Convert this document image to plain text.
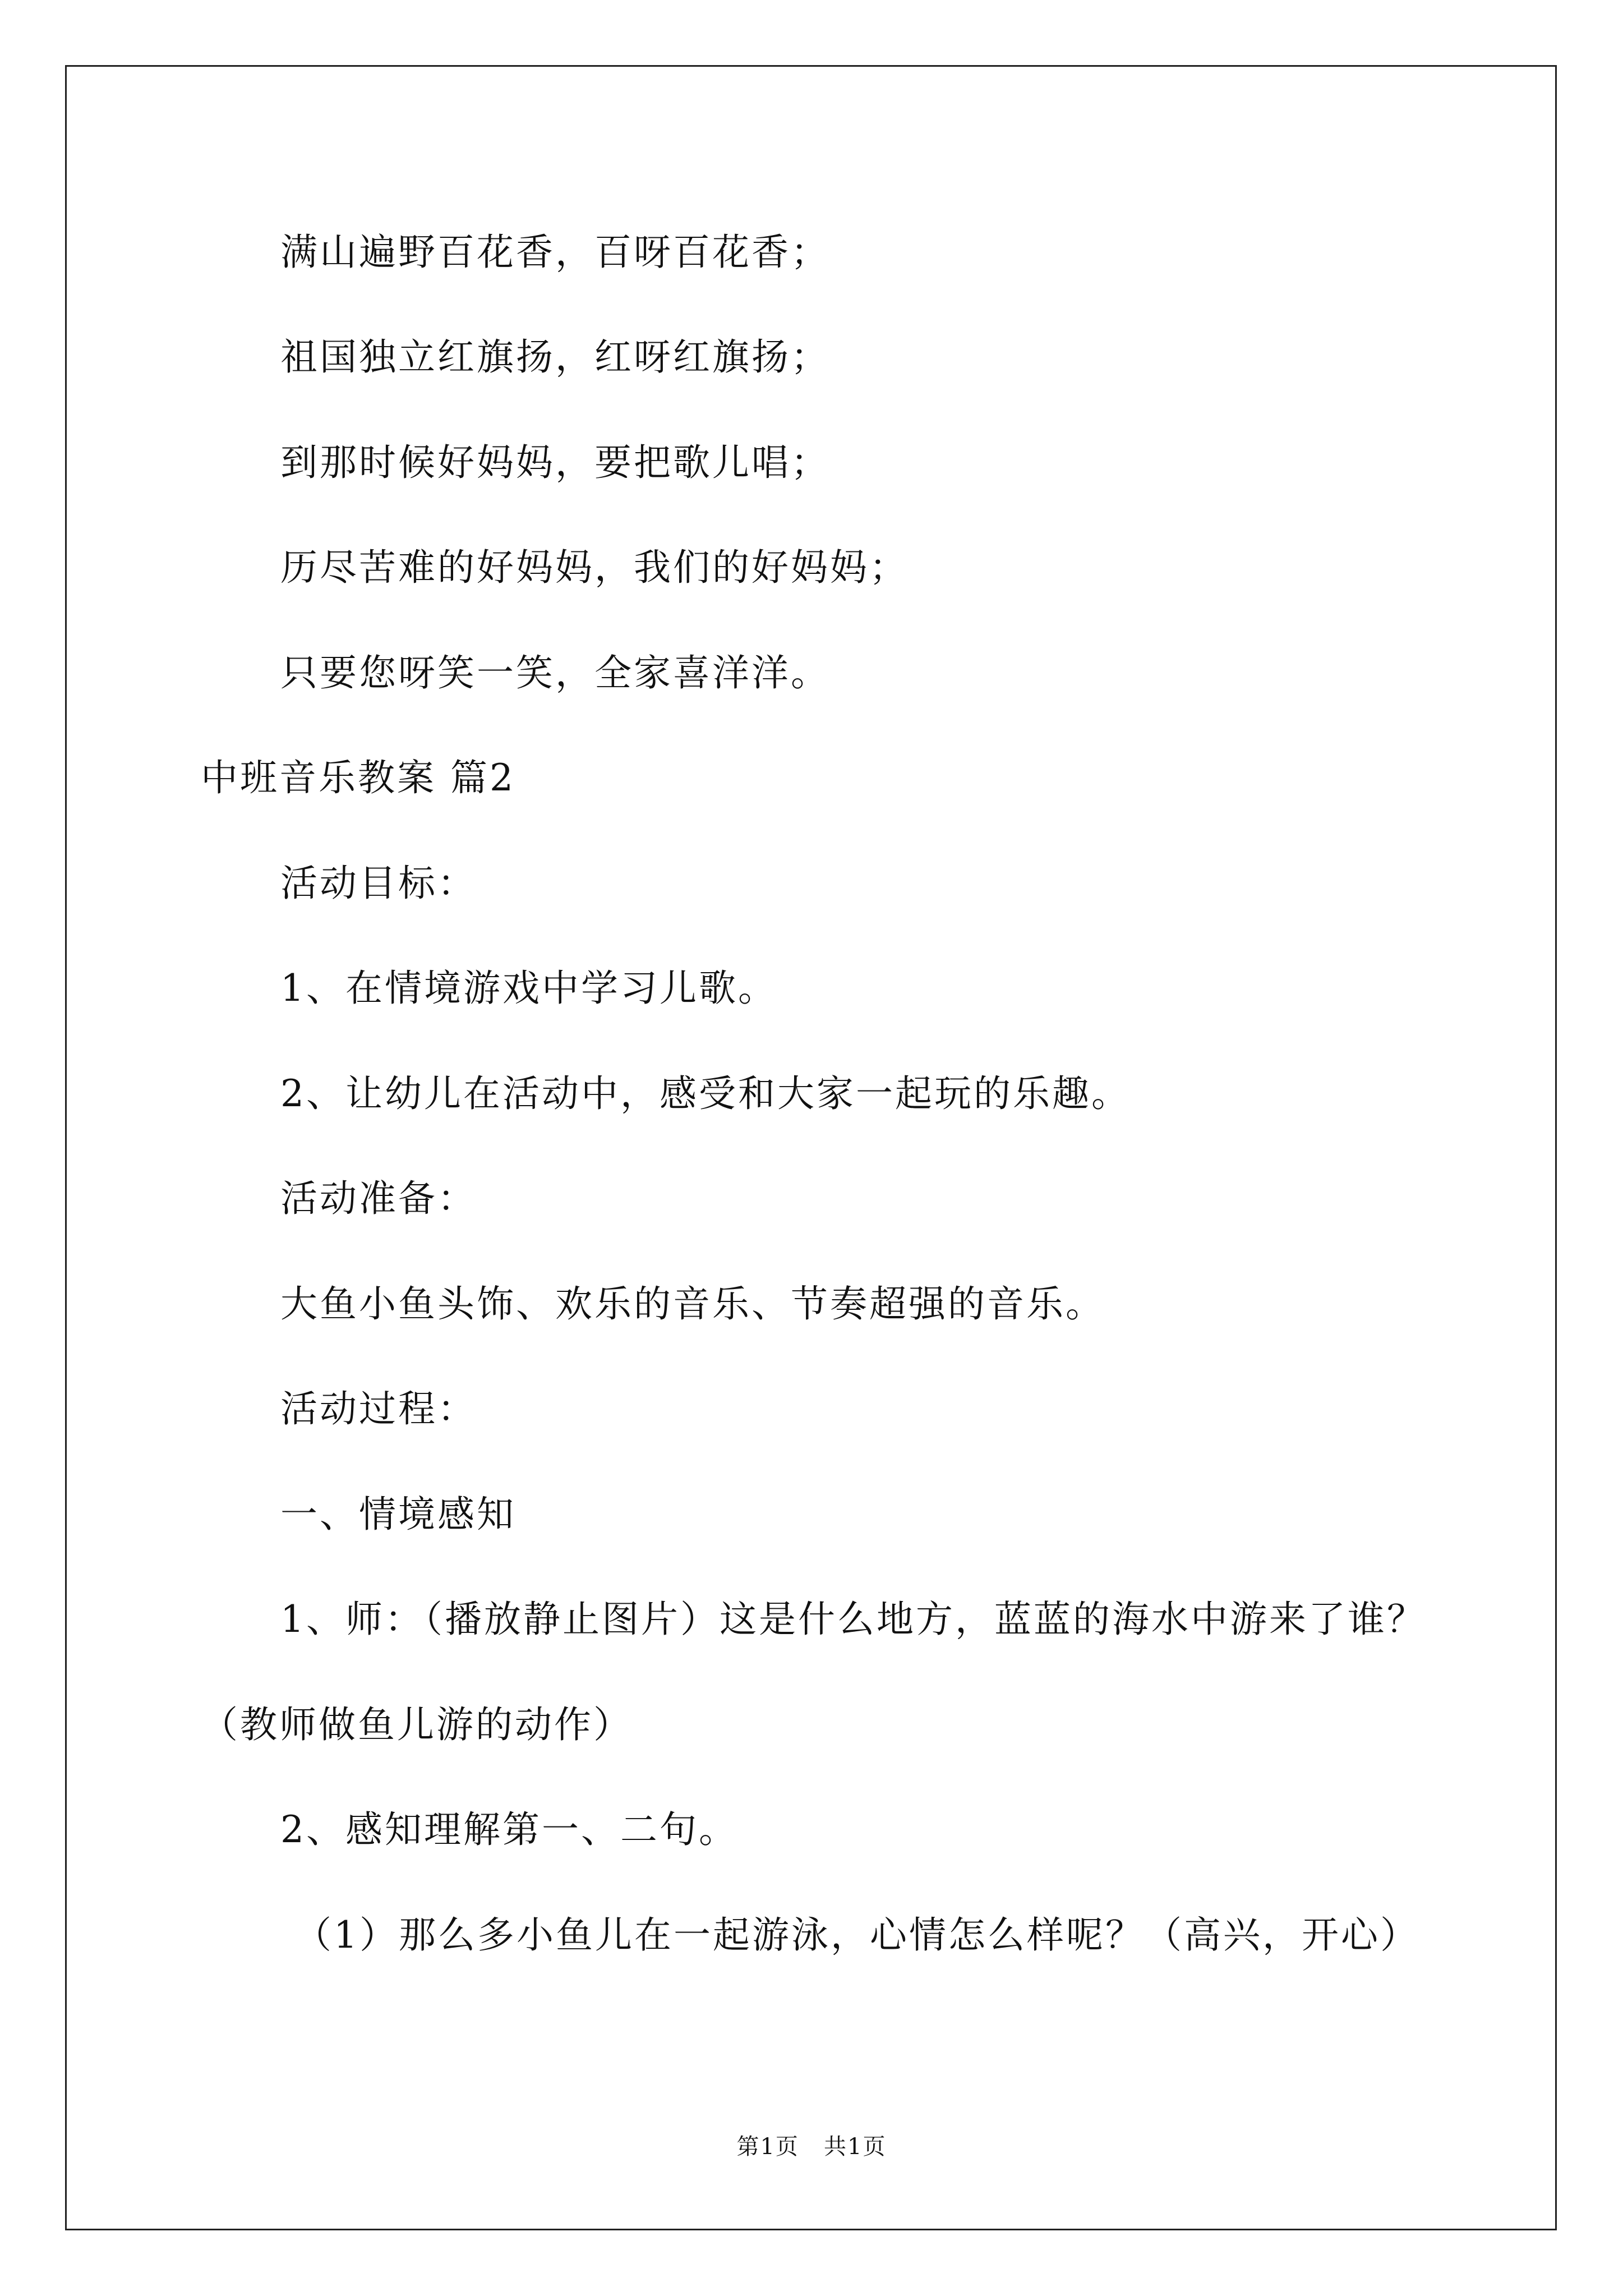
满山遍野百花香，百呀百花香；
祖国独立红旗扬，红呀红旗扬；
到那时候好妈妈，要把歌儿唱；
历尽苦难的好妈妈，我们的好妈妈；
只要您呀笑一笑，全家喜洋洋。
中班音乐教案 篇2
活动目标：
1、在情境游戏中学习儿歌。
2、让幼儿在活动中，感受和大家一起玩的乐趣。
活动准备：
大鱼小鱼头饰、欢乐的音乐、节奏超强的音乐。
活动过程：
一、情境感知
1、师：（播放静止图片）这是什么地方，蓝蓝的海水中游来了谁？
（教师做鱼儿游的动作）
2、感知理解第一、二句。
（1）那么多小鱼儿在一起游泳，心情怎么样呢？（高兴，开心）
第1页   共1页
